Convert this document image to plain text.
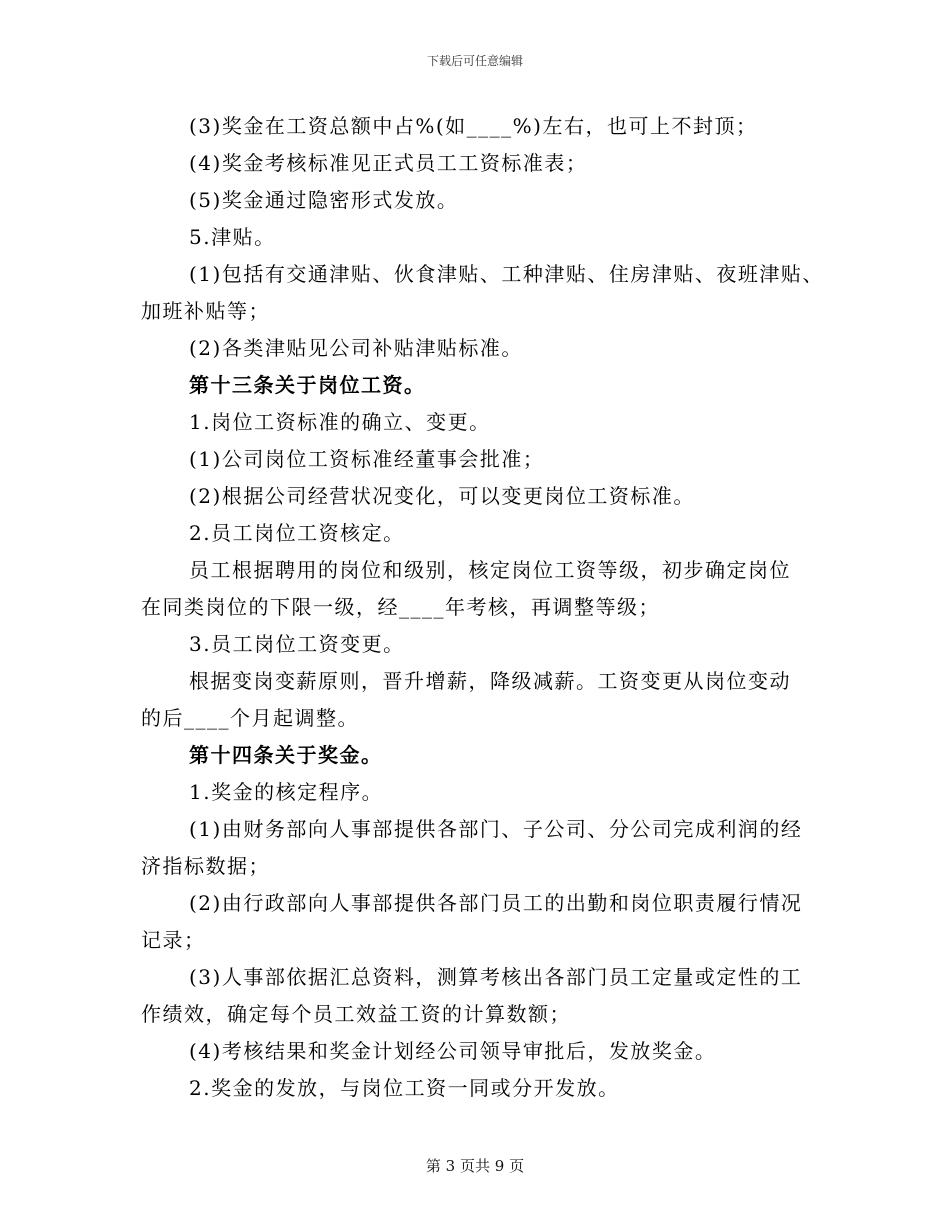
下载后可任意编辑

(3)奖金在工资总额中占%(如____%)左右，也可上不封顶；

(4)奖金考核标准见正式员工工资标准表；

(5)奖金通过隐密形式发放。

5.津贴。

(1)包括有交通津贴、伙食津贴、工种津贴、住房津贴、夜班津贴、

加班补贴等；

(2)各类津贴见公司补贴津贴标准。

第十三条关于岗位工资。

1.岗位工资标准的确立、变更。

(1)公司岗位工资标准经董事会批准；

(2)根据公司经营状况变化，可以变更岗位工资标准。

2.员工岗位工资核定。

员工根据聘用的岗位和级别，核定岗位工资等级，初步确定岗位

在同类岗位的下限一级，经____年考核，再调整等级；

3.员工岗位工资变更。

根据变岗变薪原则，晋升增薪，降级减薪。工资变更从岗位变动

的后____个月起调整。

第十四条关于奖金。

1.奖金的核定程序。

(1)由财务部向人事部提供各部门、子公司、分公司完成利润的经

济指标数据；

(2)由行政部向人事部提供各部门员工的出勤和岗位职责履行情况

记录；

(3)人事部依据汇总资料，测算考核出各部门员工定量或定性的工

作绩效，确定每个员工效益工资的计算数额；

(4)考核结果和奖金计划经公司领导审批后，发放奖金。

2.奖金的发放，与岗位工资一同或分开发放。

第 3 页共 9 页
